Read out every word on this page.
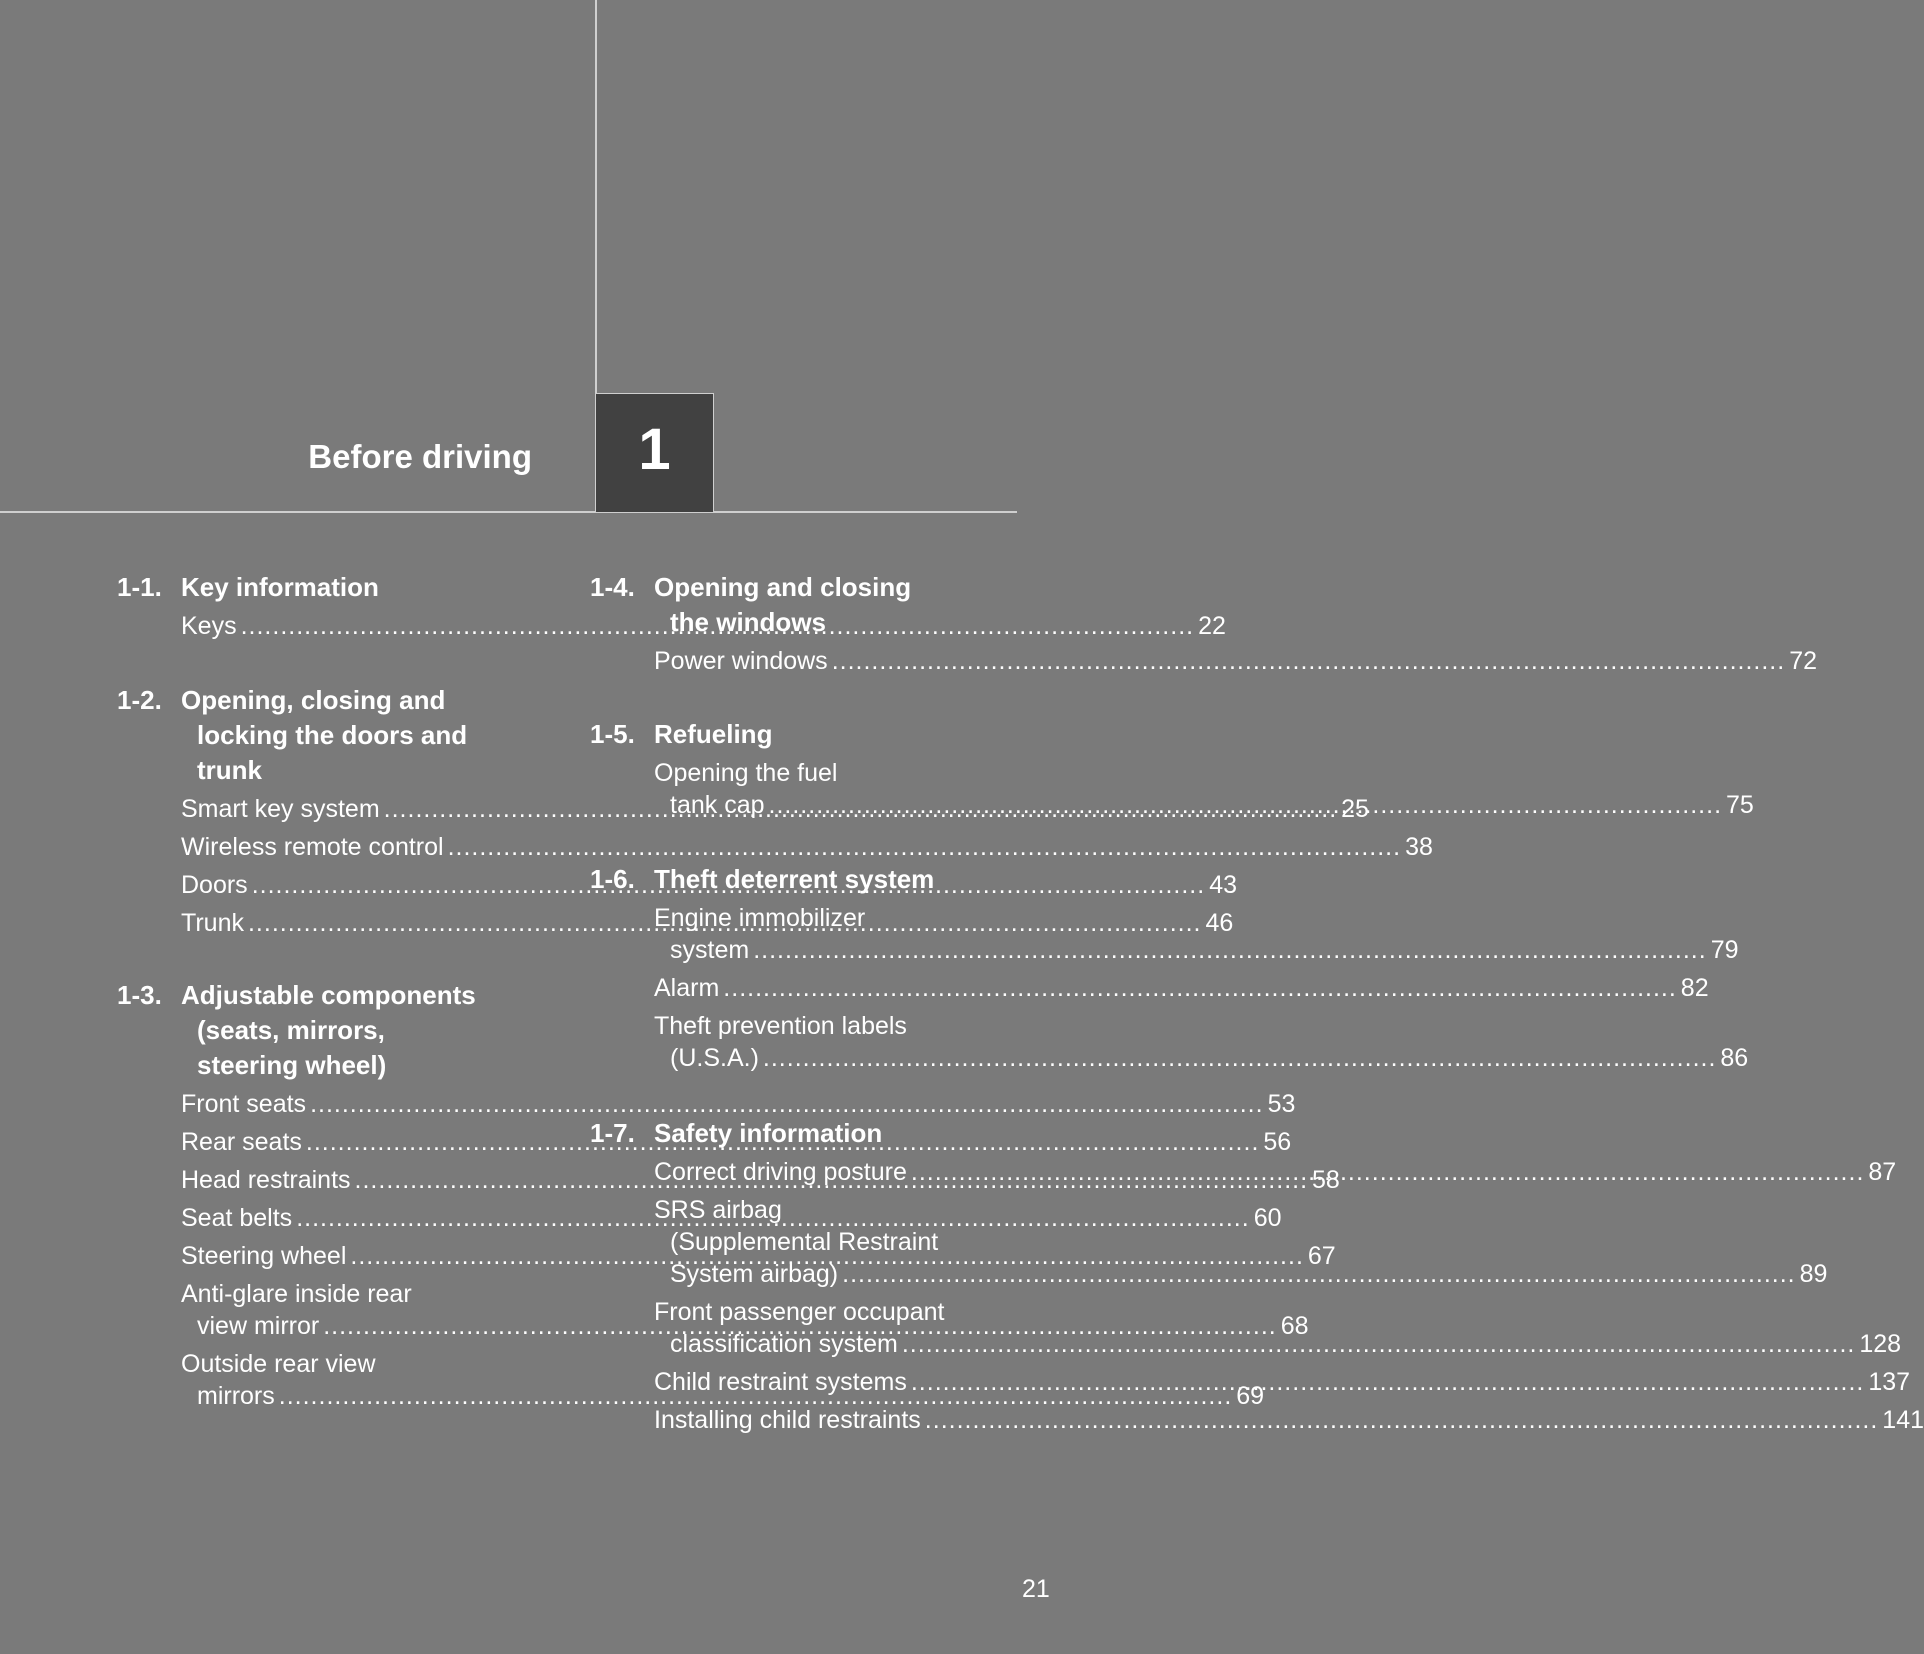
Before driving 1
1-1. Key information
Keys .....	22
1-2. Opening, closing and
locking the doors and
trunk
Smart key system .....	25
Wireless remote control .....	38
Doors .....	43
Trunk .....	46
1-3. Adjustable components
(seats, mirrors,
steering wheel)
Front seats .....	53
Rear seats .....	56
Head restraints .....	58
Seat belts .....	60
Steering wheel .....	67
Anti-glare inside rear
view mirror .....	68
Outside rear view
mirrors .....	69
1-4. Opening and closing
the windows
Power windows .....	72
1-5. Refueling
Opening the fuel
tank cap .....	75
1-6. Theft deterrent system
Engine immobilizer
system .....	79
Alarm .....	82
Theft prevention labels
(U.S.A.) .....	86
1-7. Safety information
Correct driving posture .....	87
SRS airbag
(Supplemental Restraint
System airbag) .....	89
Front passenger occupant
classification system .....	128
Child restraint systems .....	137
Installing child restraints .....	141
21
